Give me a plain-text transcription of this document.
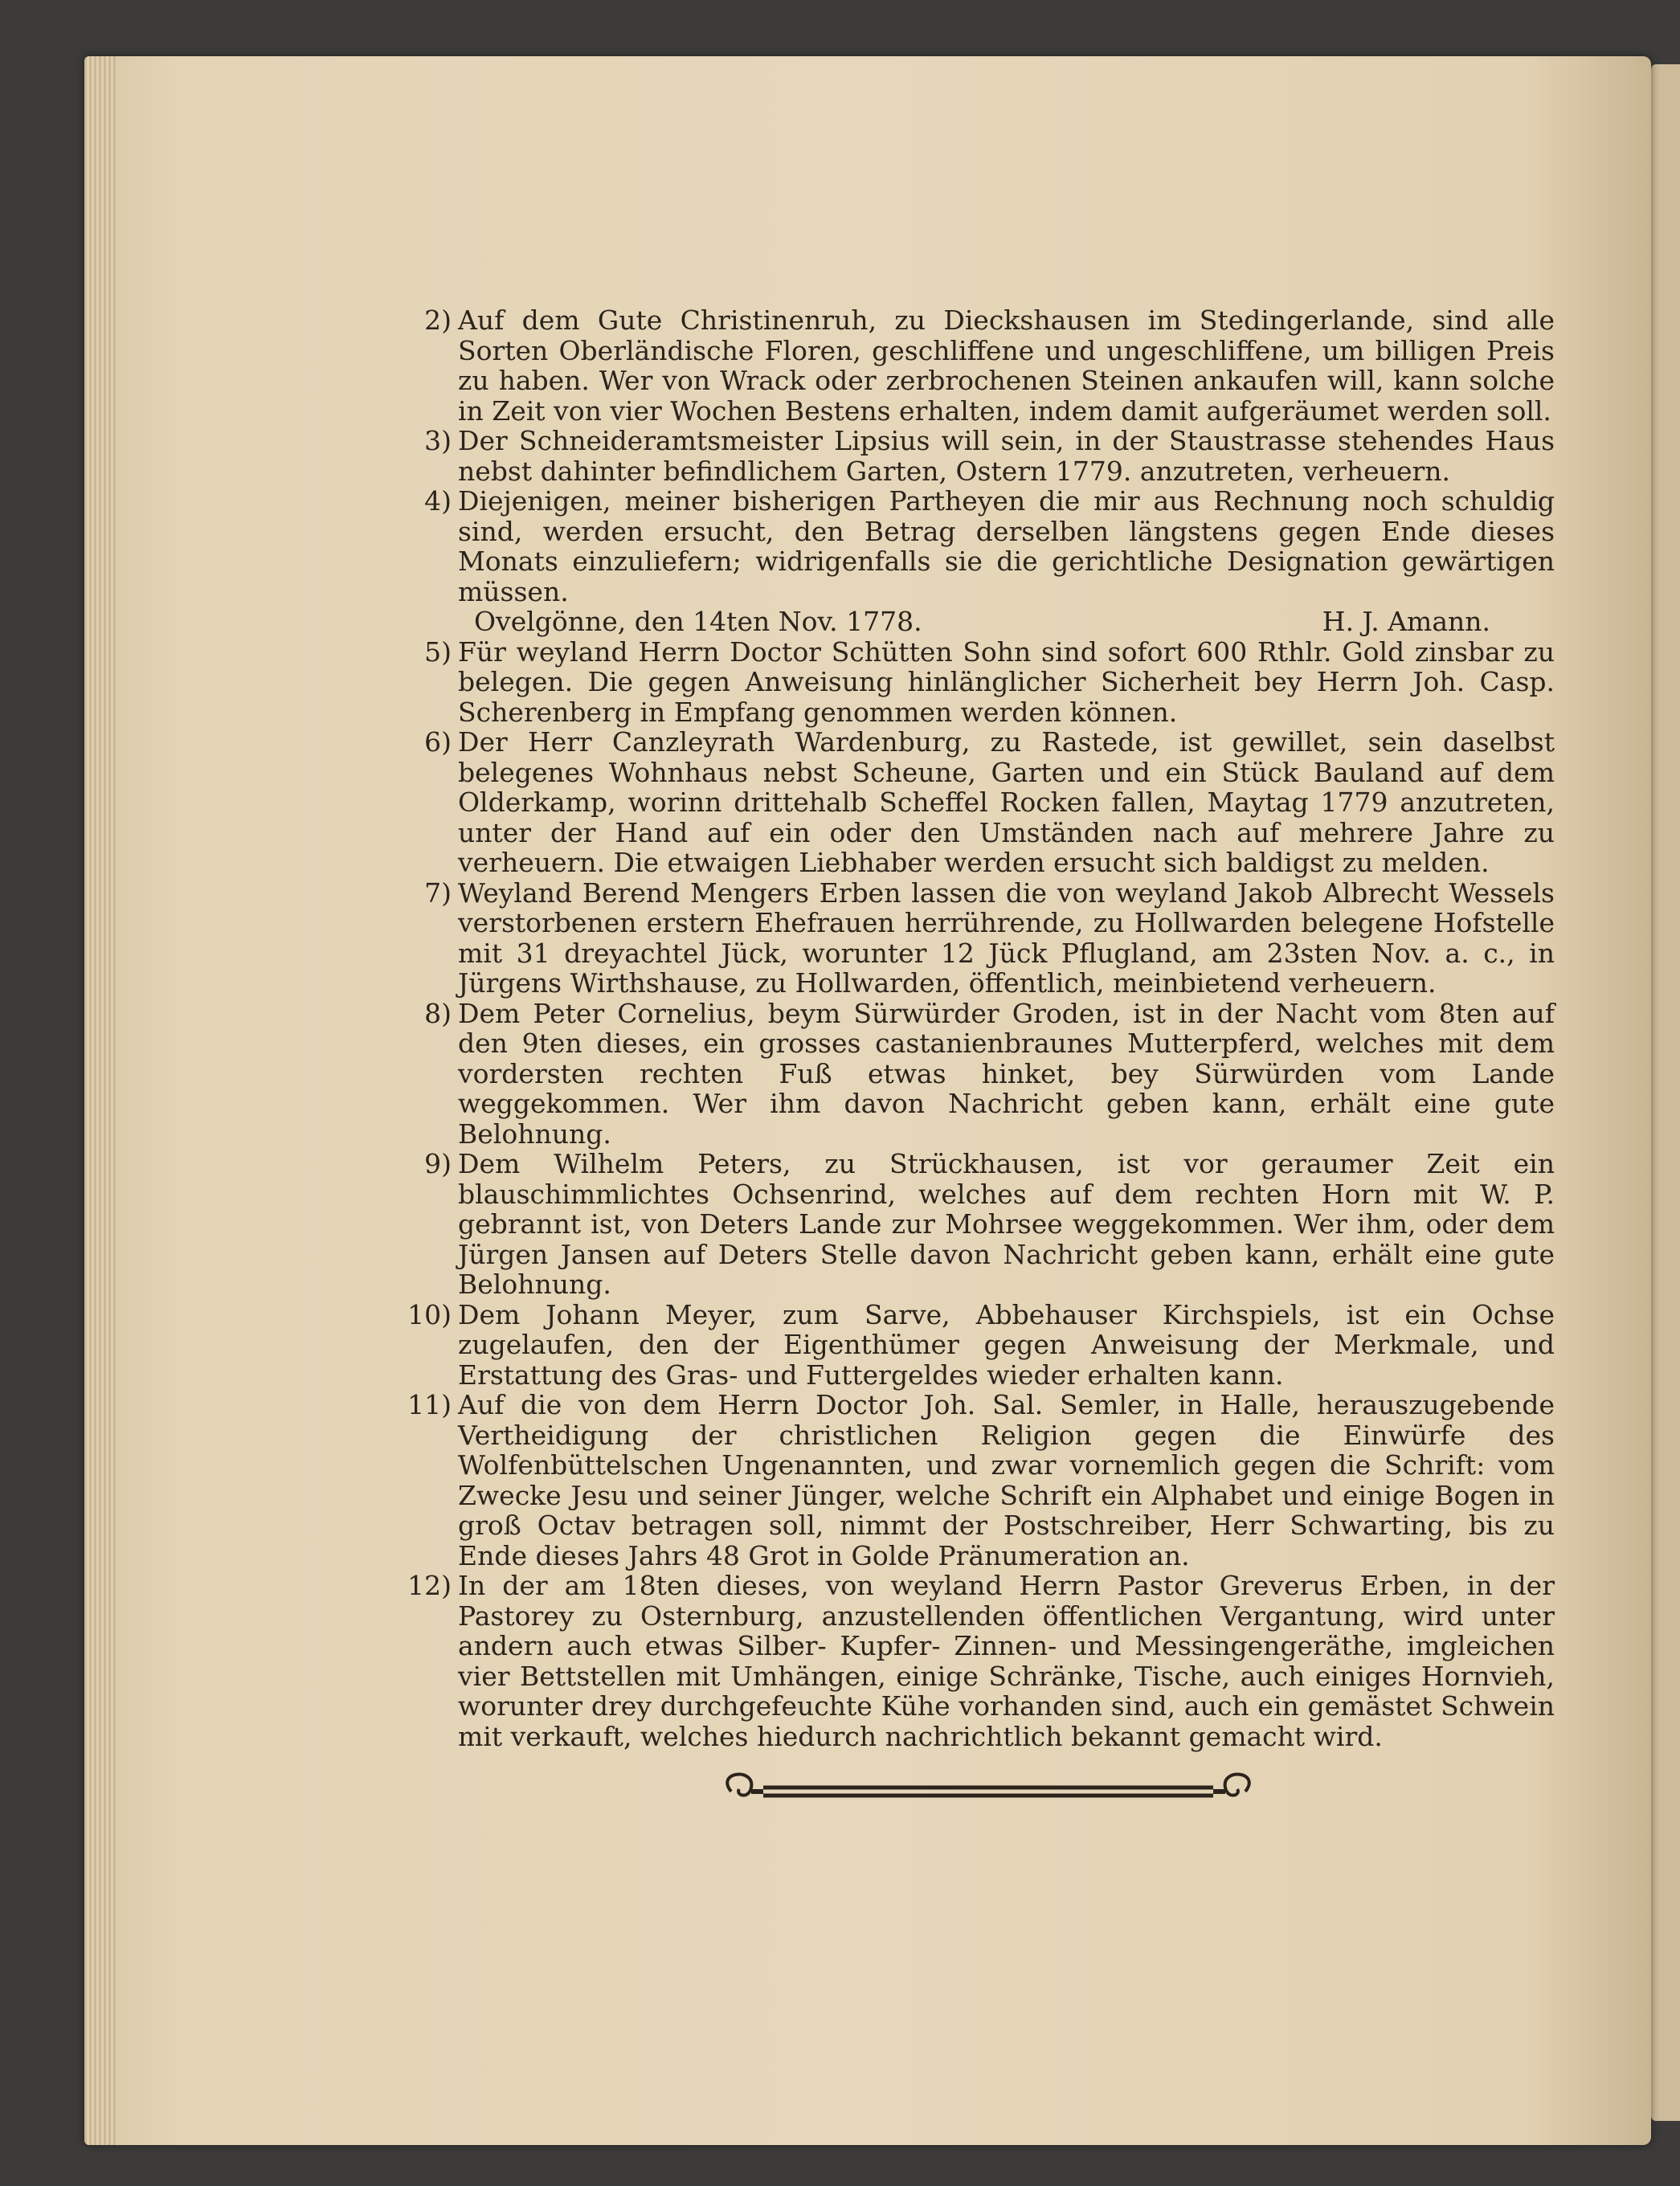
2) Auf dem Gute Christinenruh, zu Dieckshausen im Stedingerlande, sind alle Sorten Oberländische Floren, geschliffene und ungeschliffene, um billigen Preis zu haben. Wer von Wrack oder zerbrochenen Steinen ankaufen will, kann solche in Zeit von vier Wochen Bestens erhalten, indem damit aufgeräumet werden soll.
3) Der Schneideramtsmeister Lipsius will sein, in der Staustrasse stehendes Haus nebst dahinter befindlichem Garten, Ostern 1779. anzutreten, verheuern.
4) Diejenigen, meiner bisherigen Partheyen die mir aus Rechnung noch schuldig sind, werden ersucht, den Betrag derselben längstens gegen Ende dieses Monats einzuliefern; widrigenfalls sie die gerichtliche Designation gewärtigen müssen.
Ovelgönne, den 14ten Nov. 1778.	H. J. Amann.
5) Für weyland Herrn Doctor Schütten Sohn sind sofort 600 Rthlr. Gold zinsbar zu belegen. Die gegen Anweisung hinlänglicher Sicherheit bey Herrn Joh. Casp. Scherenberg in Empfang genommen werden können.
6) Der Herr Canzleyrath Wardenburg, zu Rastede, ist gewillet, sein daselbst belegenes Wohnhaus nebst Scheune, Garten und ein Stück Bauland auf dem Olderkamp, worinn drittehalb Scheffel Rocken fallen, Maytag 1779 anzutreten, unter der Hand auf ein oder den Umständen nach auf mehrere Jahre zu verheuern. Die etwaigen Liebhaber werden ersucht sich baldigst zu melden.
7) Weyland Berend Mengers Erben lassen die von weyland Jakob Albrecht Wessels verstorbenen erstern Ehefrauen herrührende, zu Hollwarden belegene Hofstelle mit 31 dreyachtel Jück, worunter 12 Jück Pflugland, am 23sten Nov. a. c., in Jürgens Wirthshause, zu Hollwarden, öffentlich, meinbietend verheuern.
8) Dem Peter Cornelius, beym Sürwürder Groden, ist in der Nacht vom 8ten auf den 9ten dieses, ein grosses castanienbraunes Mutterpferd, welches mit dem vordersten rechten Fuß etwas hinket, bey Sürwürden vom Lande weggekommen. Wer ihm davon Nachricht geben kann, erhält eine gute Belohnung.
9) Dem Wilhelm Peters, zu Strückhausen, ist vor geraumer Zeit ein blauschimmlichtes Ochsenrind, welches auf dem rechten Horn mit W. P. gebrannt ist, von Deters Lande zur Mohrsee weggekommen. Wer ihm, oder dem Jürgen Jansen auf Deters Stelle davon Nachricht geben kann, erhält eine gute Belohnung.
10) Dem Johann Meyer, zum Sarve, Abbehauser Kirchspiels, ist ein Ochse zugelaufen, den der Eigenthümer gegen Anweisung der Merkmale, und Erstattung des Gras- und Futtergeldes wieder erhalten kann.
11) Auf die von dem Herrn Doctor Joh. Sal. Semler, in Halle, herauszugebende Vertheidigung der christlichen Religion gegen die Einwürfe des Wolfenbüttelschen Ungenannten, und zwar vornemlich gegen die Schrift: vom Zwecke Jesu und seiner Jünger, welche Schrift ein Alphabet und einige Bogen in groß Octav betragen soll, nimmt der Postschreiber, Herr Schwarting, bis zu Ende dieses Jahrs 48 Grot in Golde Pränumeration an.
12) In der am 18ten dieses, von weyland Herrn Pastor Greverus Erben, in der Pastorey zu Osternburg, anzustellenden öffentlichen Vergantung, wird unter andern auch etwas Silber- Kupfer- Zinnen- und Messingengeräthe, imgleichen vier Bettstellen mit Umhängen, einige Schränke, Tische, auch einiges Hornvieh, worunter drey durchgefeuchte Kühe vorhanden sind, auch ein gemästet Schwein mit verkauft, welches hiedurch nachrichtlich bekannt gemacht wird.
